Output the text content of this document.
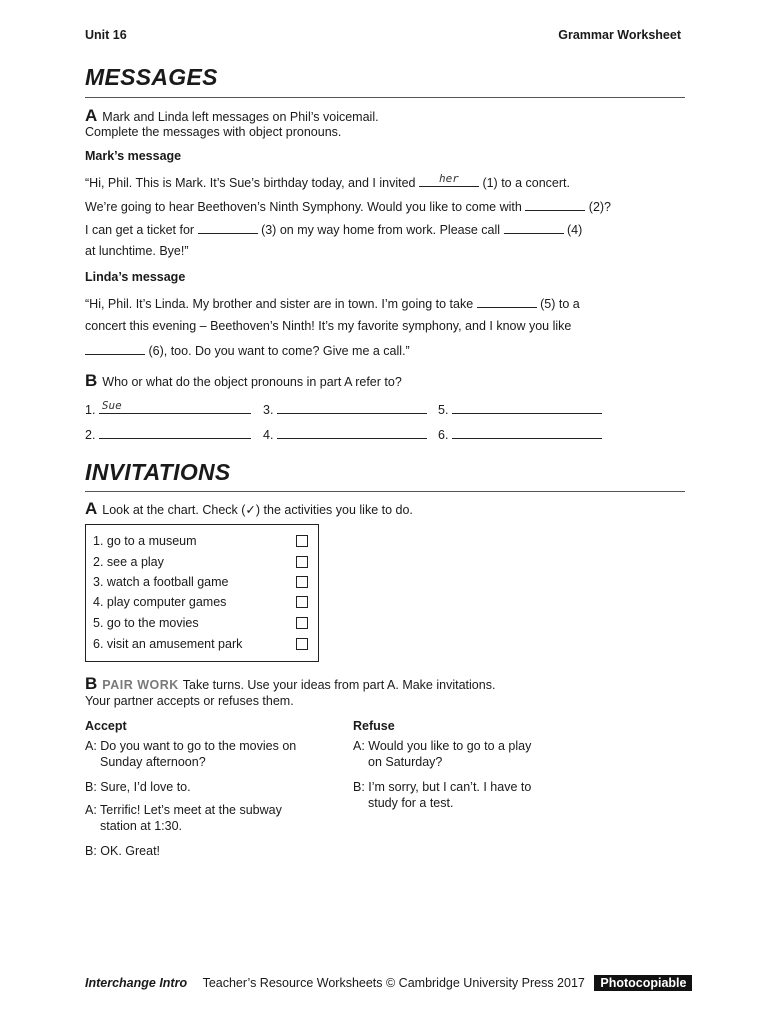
Unit 16	Grammar Worksheet
MESSAGES
A Mark and Linda left messages on Phil’s voicemail.
Complete the messages with object pronouns.
Mark’s message
“Hi, Phil. This is Mark. It’s Sue’s birthday today, and I invited	her	(1) to a concert.
We’re going to hear Beethoven’s Ninth Symphony. Would you like to come with	(2)?
I can get a ticket for	(3) on my way home from work. Please call	(4)
at lunchtime. Bye!”
Linda’s message
“Hi, Phil. It’s Linda. My brother and sister are in town. I’m going to take	(5) to a
concert this evening – Beethoven’s Ninth! It’s my favorite symphony, and I know you like
(6), too. Do you want to come? Give me a call.”
B Who or what do the object pronouns in part A refer to?
1. Sue	3.	5.
2.	4.	6.
INVITATIONS
A Look at the chart. Check (✓) the activities you like to do.
1. go to a museum
2. see a play
3. watch a football game
4. play computer games
5. go to the movies
6. visit an amusement park
B PAIR WORK Take turns. Use your ideas from part A. Make invitations.
Your partner accepts or refuses them.
Accept	Refuse
A: Do you want to go to the movies on
Sunday afternoon?
B: Sure, I’d love to.
A: Terrific! Let’s meet at the subway
station at 1:30.
B: OK. Great!
A: Would you like to go to a play
on Saturday?
B: I’m sorry, but I can’t. I have to
study for a test.
Interchange Intro Teacher’s Resource Worksheets © Cambridge University Press 2017 Photocopiable
